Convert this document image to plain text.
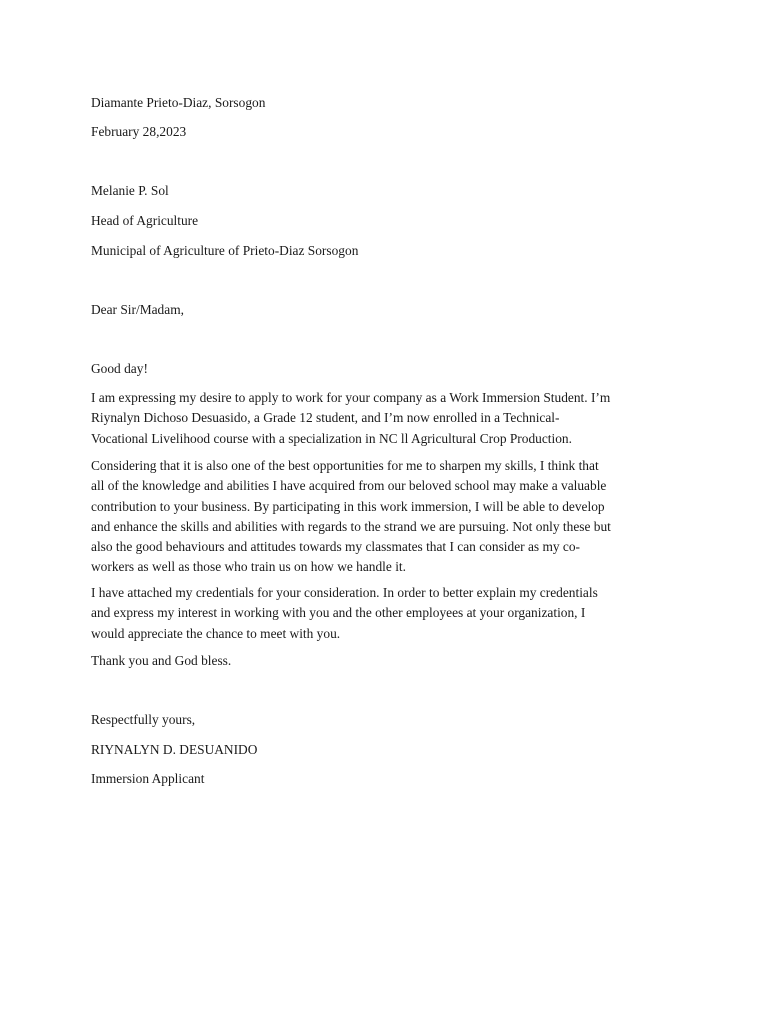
Diamante Prieto-Diaz, Sorsogon

February 28,2023

Melanie P. Sol

Head of Agriculture

Municipal of Agriculture of Prieto-Diaz Sorsogon

Dear Sir/Madam,

Good day!

I am expressing my desire to apply to work for your company as a Work Immersion Student. I’m
Riynalyn Dichoso Desuasido, a Grade 12 student, and I’m now enrolled in a Technical-
Vocational Livelihood course with a specialization in NC ll Agricultural Crop Production.
Considering that it is also one of the best opportunities for me to sharpen my skills, I think that
all of the knowledge and abilities I have acquired from our beloved school may make a valuable
contribution to your business. By participating in this work immersion, I will be able to develop
and enhance the skills and abilities with regards to the strand we are pursuing. Not only these but
also the good behaviours and attitudes towards my classmates that I can consider as my co-
workers as well as those who train us on how we handle it.
I have attached my credentials for your consideration. In order to better explain my credentials
and express my interest in working with you and the other employees at your organization, I
would appreciate the chance to meet with you.

Thank you and God bless.

Respectfully yours,

RIYNALYN D. DESUANIDO

Immersion Applicant
